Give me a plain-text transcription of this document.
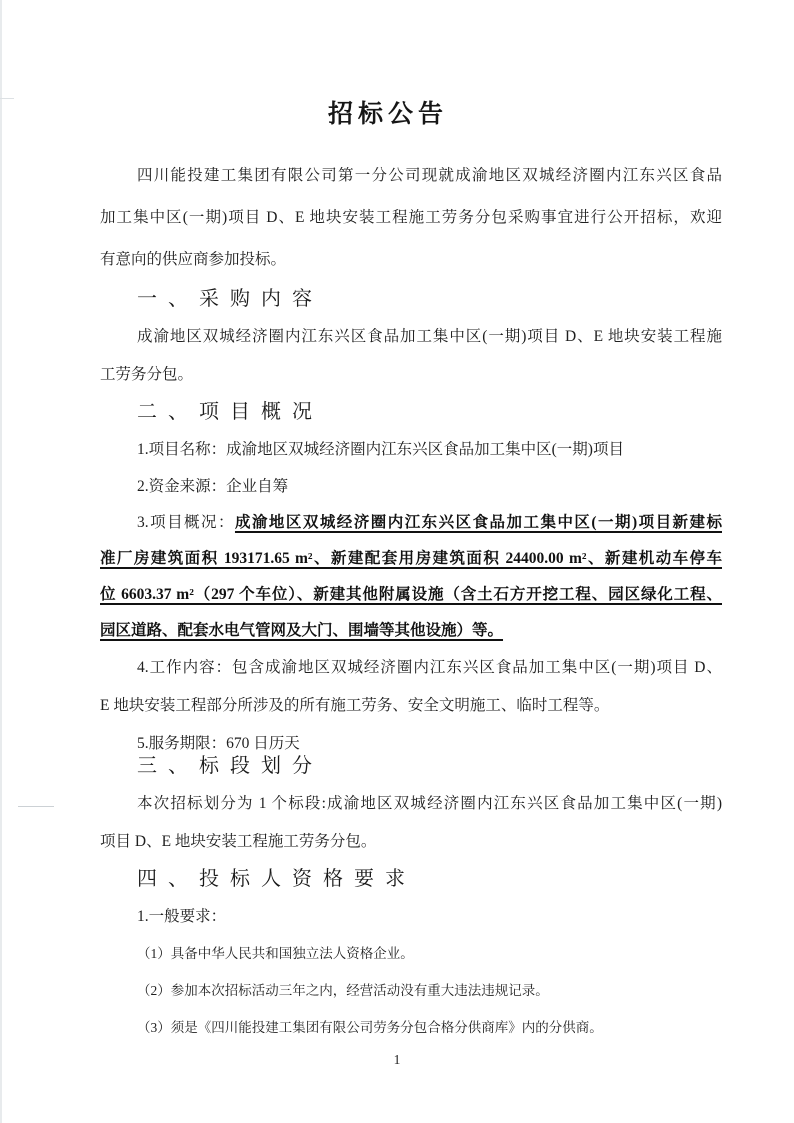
招标公告
四川能投建工集团有限公司第一分公司现就成渝地区双城经济圈内江东兴区食品
加工集中区(一期)项目 D、E 地块安装工程施工劳务分包采购事宜进行公开招标，欢迎
有意向的供应商参加投标。
一、采购内容
成渝地区双城经济圈内江东兴区食品加工集中区(一期)项目 D、E 地块安装工程施
工劳务分包。
二、项目概况
1.项目名称：成渝地区双城经济圈内江东兴区食品加工集中区(一期)项目
2.资金来源：企业自筹
3.项目概况：成渝地区双城经济圈内江东兴区食品加工集中区(一期)项目新建标
准厂房建筑面积 193171.65 m²、新建配套用房建筑面积 24400.00 m²、新建机动车停车
位 6603.37 m²（297 个车位）、新建其他附属设施（含土石方开挖工程、园区绿化工程、
园区道路、配套水电气管网及大门、围墙等其他设施）等。
4.工作内容：包含成渝地区双城经济圈内江东兴区食品加工集中区(一期)项目 D、
E 地块安装工程部分所涉及的所有施工劳务、安全文明施工、临时工程等。
5.服务期限：670 日历天
三、标段划分
本次招标划分为 1 个标段:成渝地区双城经济圈内江东兴区食品加工集中区(一期)
项目 D、E 地块安装工程施工劳务分包。
四、投标人资格要求
1.一般要求：
（1）具备中华人民共和国独立法人资格企业。
（2）参加本次招标活动三年之内，经营活动没有重大违法违规记录。
（3）须是《四川能投建工集团有限公司劳务分包合格分供商库》内的分供商。
1
